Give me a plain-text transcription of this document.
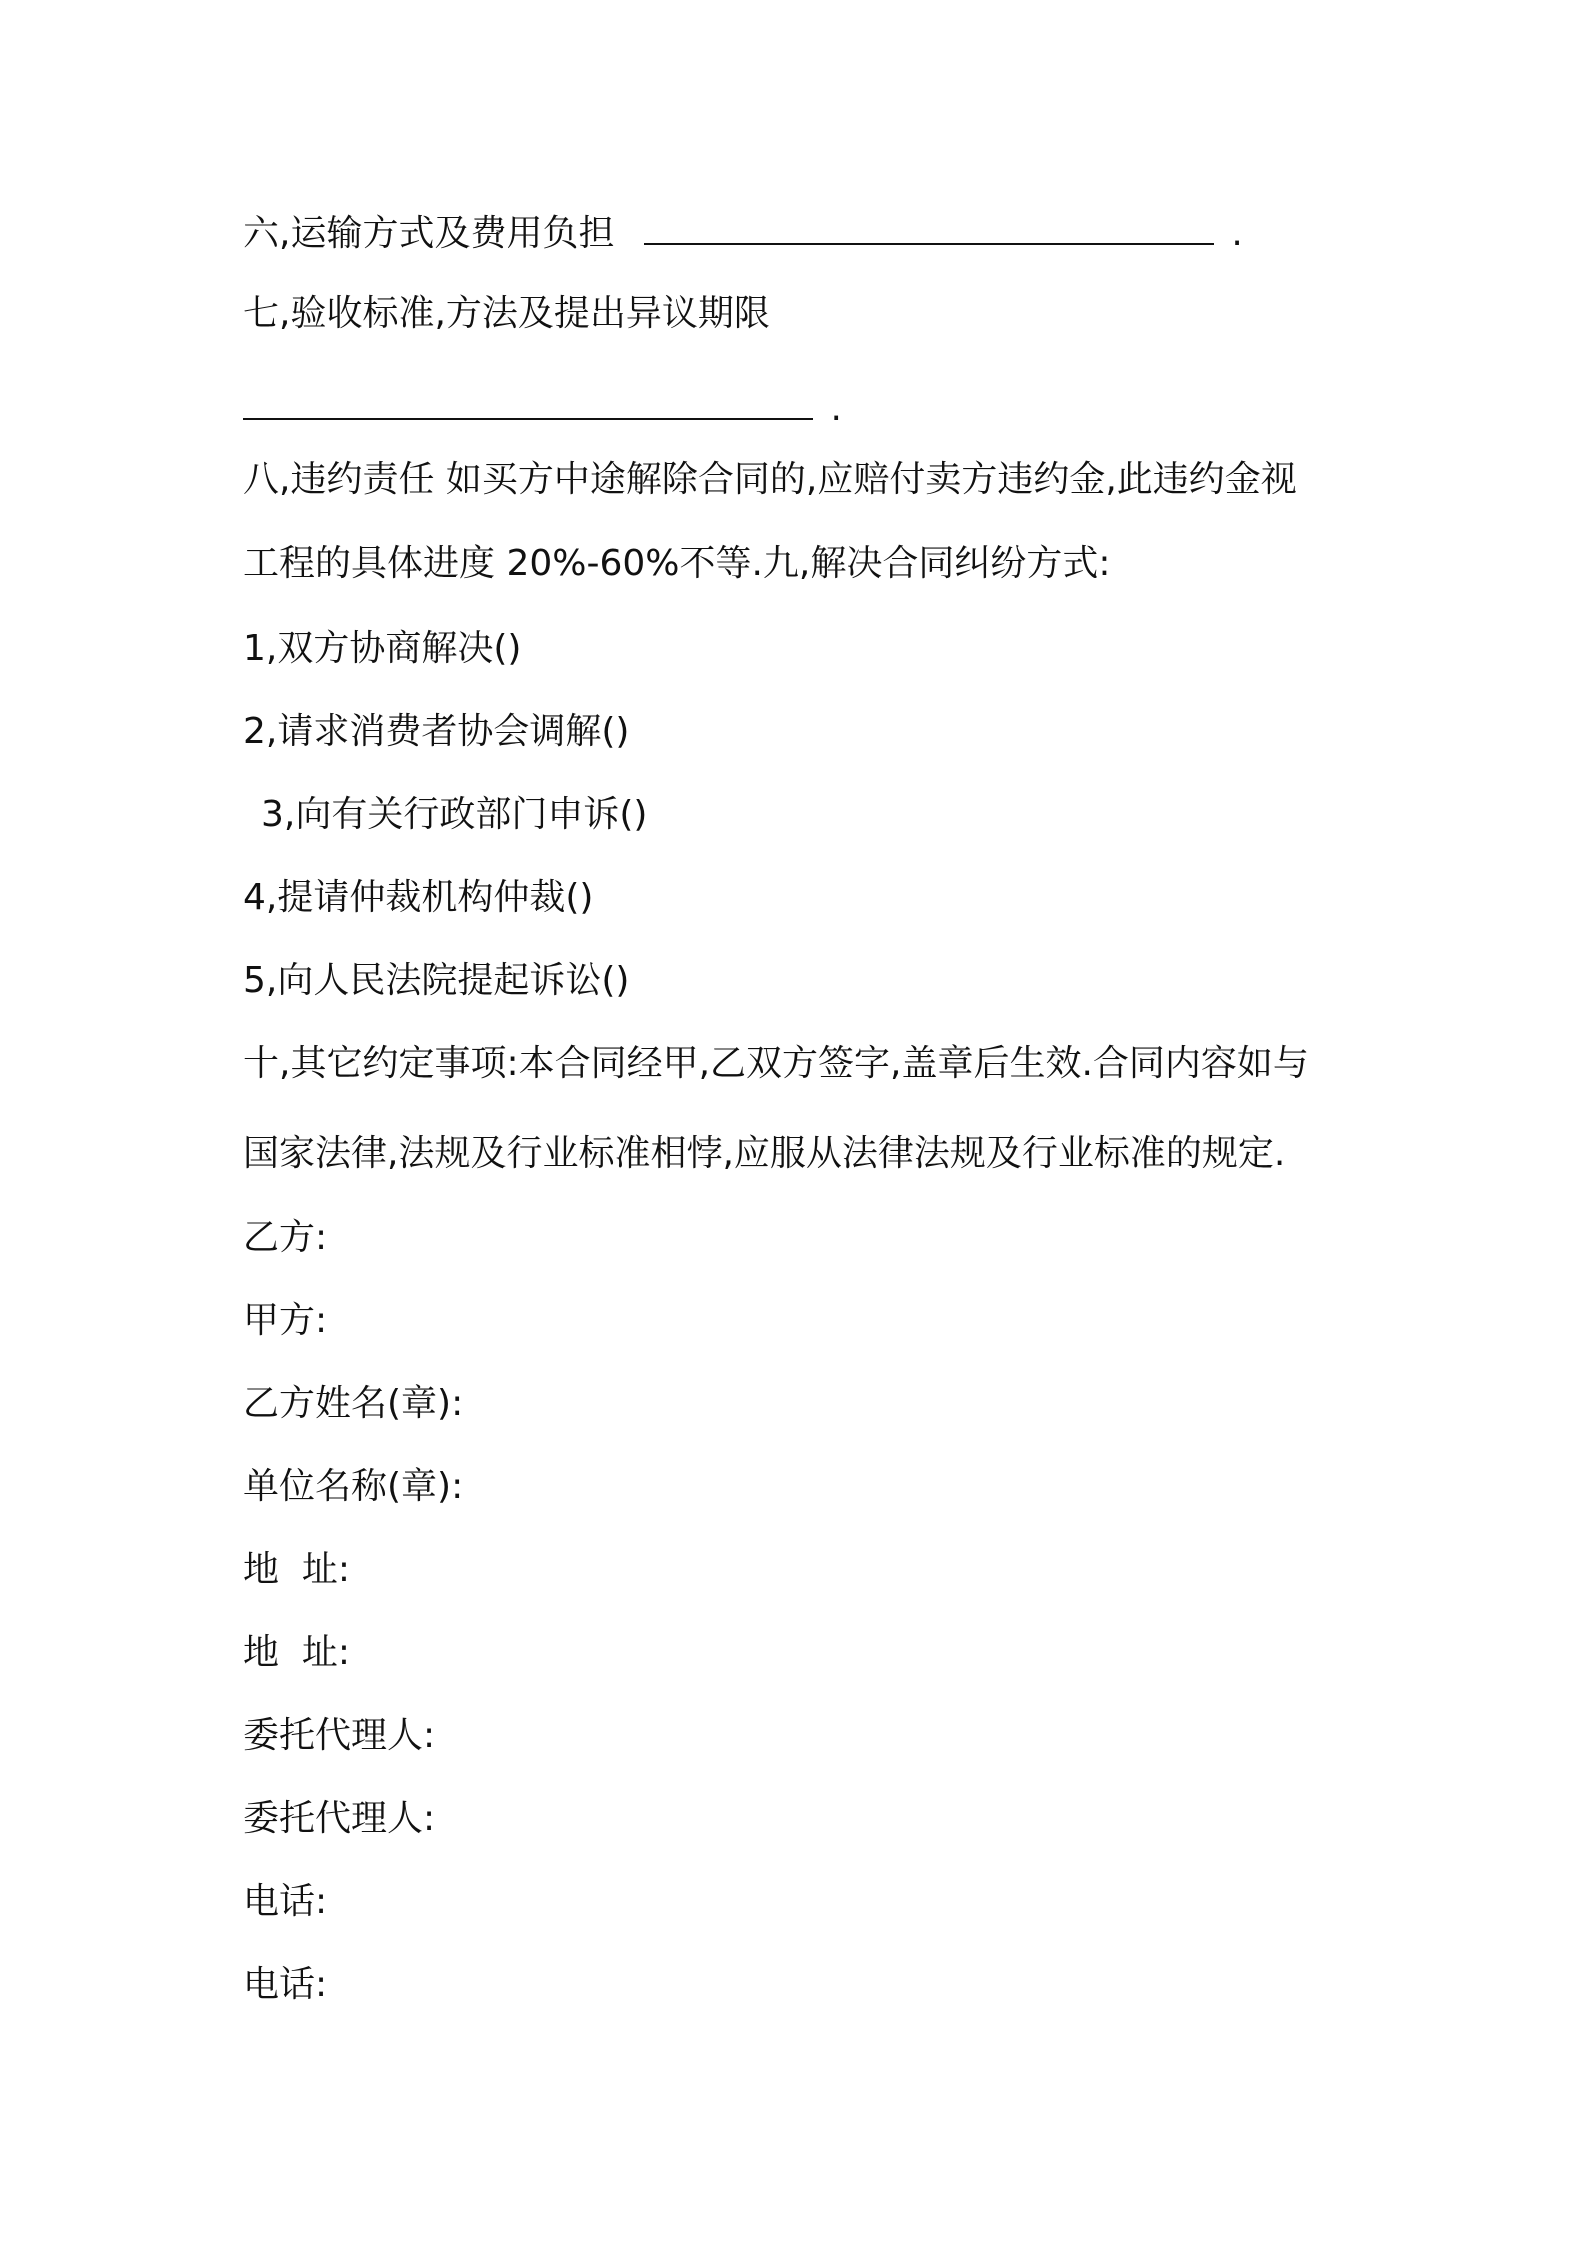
六,运输方式及费用负担	.
七,验收标准,方法及提出异议期限
.
八,违约责任 如买方中途解除合同的,应赔付卖方违约金,此违约金视
工程的具体进度 20%-60%不等.九,解决合同纠纷方式:
1,双方协商解决()
2,请求消费者协会调解()
3,向有关行政部门申诉()
4,提请仲裁机构仲裁()
5,向人民法院提起诉讼()
十,其它约定事项:本合同经甲,乙双方签字,盖章后生效.合同内容如与
国家法律,法规及行业标准相悖,应服从法律法规及行业标准的规定.
乙方:
甲方:
乙方姓名(章):
单位名称(章):
地  址:
地  址:
委托代理人:
委托代理人:
电话:
电话:
